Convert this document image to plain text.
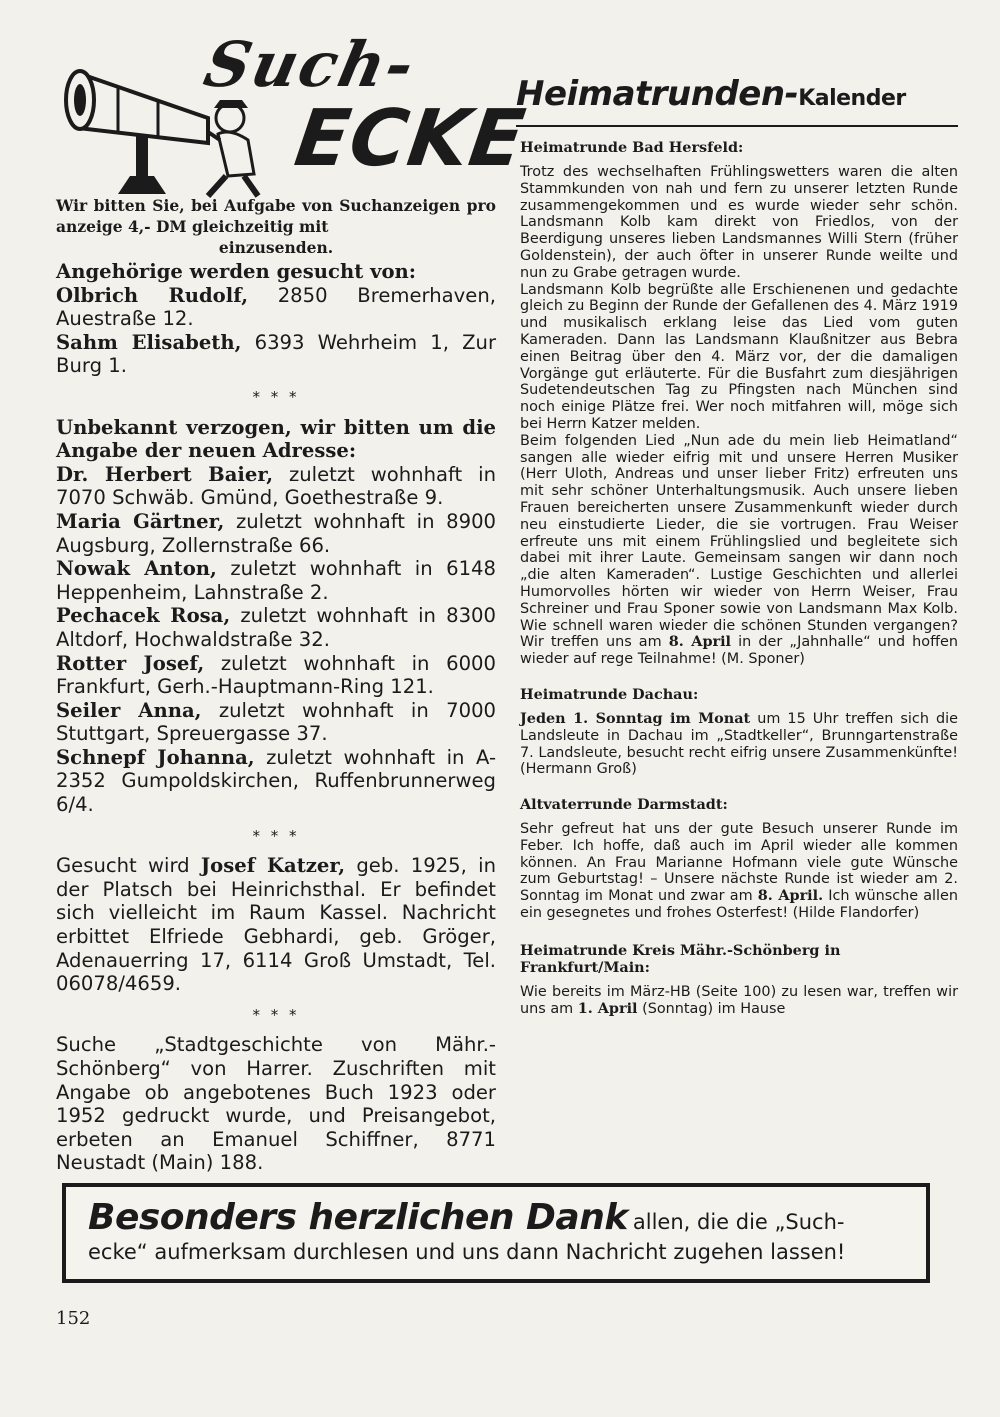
Such-
ECKE

Wir bitten Sie, bei Aufgabe von Suchanzeigen pro anzeige 4,- DM gleichzeitig mit
einzusenden.

Angehörige werden gesucht von:

Olbrich Rudolf, 2850 Bremerhaven, Auestraße 12.

Sahm Elisabeth, 6393 Wehrheim 1, Zur Burg 1.

* * *

Unbekannt verzogen, wir bitten um die Angabe der neuen Adresse:

Dr. Herbert Baier, zuletzt wohnhaft in 7070 Schwäb. Gmünd, Goethestraße 9.

Maria Gärtner, zuletzt wohnhaft in 8900 Augsburg, Zollernstraße 66.

Nowak Anton, zuletzt wohnhaft in 6148 Heppenheim, Lahnstraße 2.

Pechacek Rosa, zuletzt wohnhaft in 8300 Altdorf, Hochwaldstraße 32.

Rotter Josef, zuletzt wohnhaft in 6000 Frankfurt, Gerh.-Hauptmann-Ring 121.

Seiler Anna, zuletzt wohnhaft in 7000 Stuttgart, Spreuergasse 37.

Schnepf Johanna, zuletzt wohnhaft in A-2352 Gumpoldskirchen, Ruffenbrunnerweg 6/4.

* * *

Gesucht wird Josef Katzer, geb. 1925, in der Platsch bei Heinrichsthal. Er befindet sich vielleicht im Raum Kassel. Nachricht erbittet Elfriede Gebhardi, geb. Gröger, Adenauerring 17, 6114 Groß Umstadt, Tel. 06078/4659.

* * *

Suche „Stadtgeschichte von Mähr.-Schönberg“ von Harrer. Zuschriften mit Angabe ob angebotenes Buch 1923 oder 1952 gedruckt wurde, und Preisangebot, erbeten an Emanuel Schiffner, 8771 Neustadt (Main) 188.

Heimatrunden-Kalender
Heimatrunde Bad Hersfeld:

Trotz des wechselhaften Frühlingswetters waren die alten Stammkunden von nah und fern zu unserer letzten Runde zusammengekommen und es wurde wieder sehr schön. Landsmann Kolb kam direkt von Friedlos, von der Beerdigung unseres lieben Landsmannes Willi Stern (früher Goldenstein), der auch öfter in unserer Runde weilte und nun zu Grabe getragen wurde.

Landsmann Kolb begrüßte alle Erschienenen und gedachte gleich zu Beginn der Runde der Gefallenen des 4. März 1919 und musikalisch erklang leise das Lied vom guten Kameraden. Dann las Landsmann Klaußnitzer aus Bebra einen Beitrag über den 4. März vor, der die damaligen Vorgänge gut erläuterte. Für die Busfahrt zum diesjährigen Sudetendeutschen Tag zu Pfingsten nach München sind noch einige Plätze frei. Wer noch mitfahren will, möge sich bei Herrn Katzer melden.

Beim folgenden Lied „Nun ade du mein lieb Heimatland“ sangen alle wieder eifrig mit und unsere Herren Musiker (Herr Uloth, Andreas und unser lieber Fritz) erfreuten uns mit sehr schöner Unterhaltungsmusik. Auch unsere lieben Frauen bereicherten unsere Zusammenkunft wieder durch neu einstudierte Lieder, die sie vortrugen. Frau Weiser erfreute uns mit einem Frühlingslied und begleitete sich dabei mit ihrer Laute. Gemeinsam sangen wir dann noch „die alten Kameraden“. Lustige Geschichten und allerlei Humorvolles hörten wir wieder von Herrn Weiser, Frau Schreiner und Frau Sponer sowie von Landsmann Max Kolb. Wie schnell waren wieder die schönen Stunden vergangen? Wir treffen uns am 8. April in der „Jahnhalle“ und hoffen wieder auf rege Teilnahme! (M. Sponer)

Heimatrunde Dachau:

Jeden 1. Sonntag im Monat um 15 Uhr treffen sich die Landsleute in Dachau im „Stadtkeller“, Brunngartenstraße 7. Landsleute, besucht recht eifrig unsere Zusammenkünfte! (Hermann Groß)

Altvaterrunde Darmstadt:

Sehr gefreut hat uns der gute Besuch unserer Runde im Feber. Ich hoffe, daß auch im April wieder alle kommen können. An Frau Marianne Hofmann viele gute Wünsche zum Geburtstag! – Unsere nächste Runde ist wieder am 2. Sonntag im Monat und zwar am 8. April. Ich wünsche allen ein gesegnetes und frohes Osterfest! (Hilde Flandorfer)

Heimatrunde Kreis Mähr.-Schönberg in Frankfurt/Main:

Wie bereits im März-HB (Seite 100) zu lesen war, treffen wir uns am 1. April (Sonntag) im Hause

Besonders herzlichen Dank allen, die die „Such-
ecke“ aufmerksam durchlesen und uns dann Nachricht zugehen lassen!
152
